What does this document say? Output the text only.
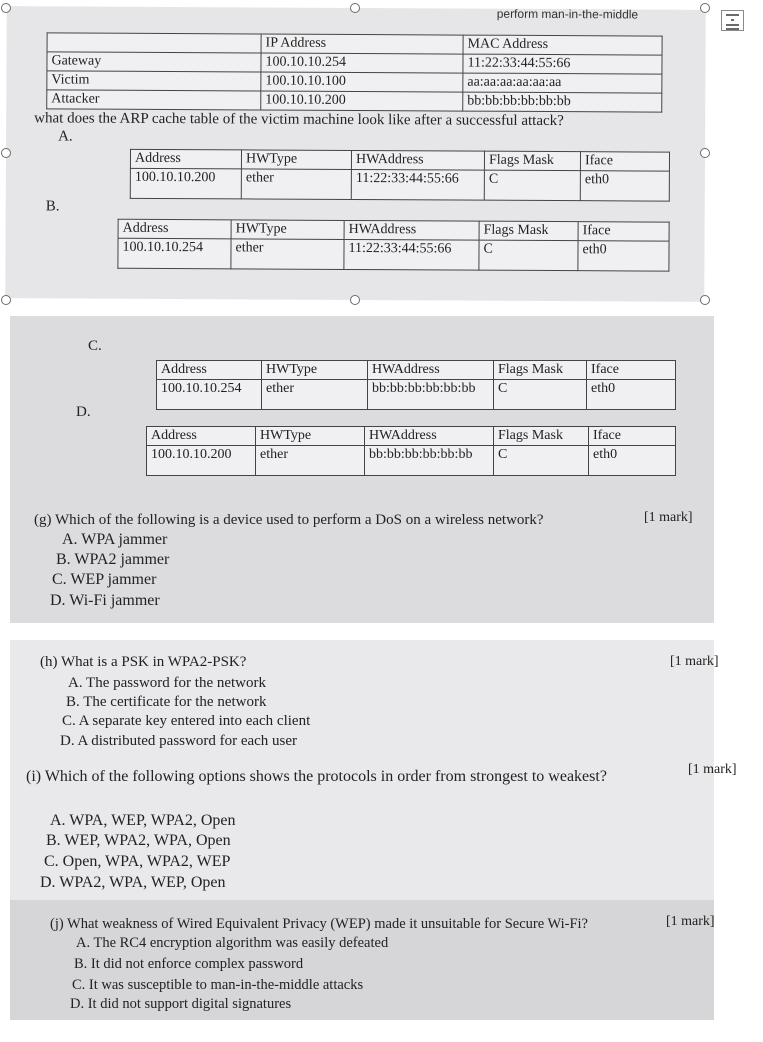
perform man-in-the-middle
	IP Address	MAC Address
Gateway	100.10.10.254	11:22:33:44:55:66
Victim	100.10.10.100	aa:aa:aa:aa:aa:aa
Attacker	100.10.10.200	bb:bb:bb:bb:bb:bb
what does the ARP cache table of the victim machine look like after a successful attack?
A.
Address	HWType	HWAddress	Flags Mask	Iface
100.10.10.200	ether	11:22:33:44:55:66	C	eth0
B.
Address	HWType	HWAddress	Flags Mask	Iface
100.10.10.254	ether	11:22:33:44:55:66	C	eth0
C.
Address	HWType	HWAddress	Flags Mask	Iface
100.10.10.254	ether	bb:bb:bb:bb:bb:bb	C	eth0
D.
Address	HWType	HWAddress	Flags Mask	Iface
100.10.10.200	ether	bb:bb:bb:bb:bb:bb	C	eth0
(g) Which of the following is a device used to perform a DoS on a wireless network?	[1 mark]
A. WPA jammer
B. WPA2 jammer
C. WEP jammer
D. Wi-Fi jammer
(h) What is a PSK in WPA2-PSK?	[1 mark]
A. The password for the network
B. The certificate for the network
C. A separate key entered into each client
D. A distributed password for each user
[1 mark]
(i) Which of the following options shows the protocols in order from strongest to weakest?
A. WPA, WEP, WPA2, Open
B. WEP, WPA2, WPA, Open
C. Open, WPA, WPA2, WEP
D. WPA2, WPA, WEP, Open
[1 mark]
(j) What weakness of Wired Equivalent Privacy (WEP) made it unsuitable for Secure Wi-Fi?
A. The RC4 encryption algorithm was easily defeated
B. It did not enforce complex password
C. It was susceptible to man-in-the-middle attacks
D. It did not support digital signatures
